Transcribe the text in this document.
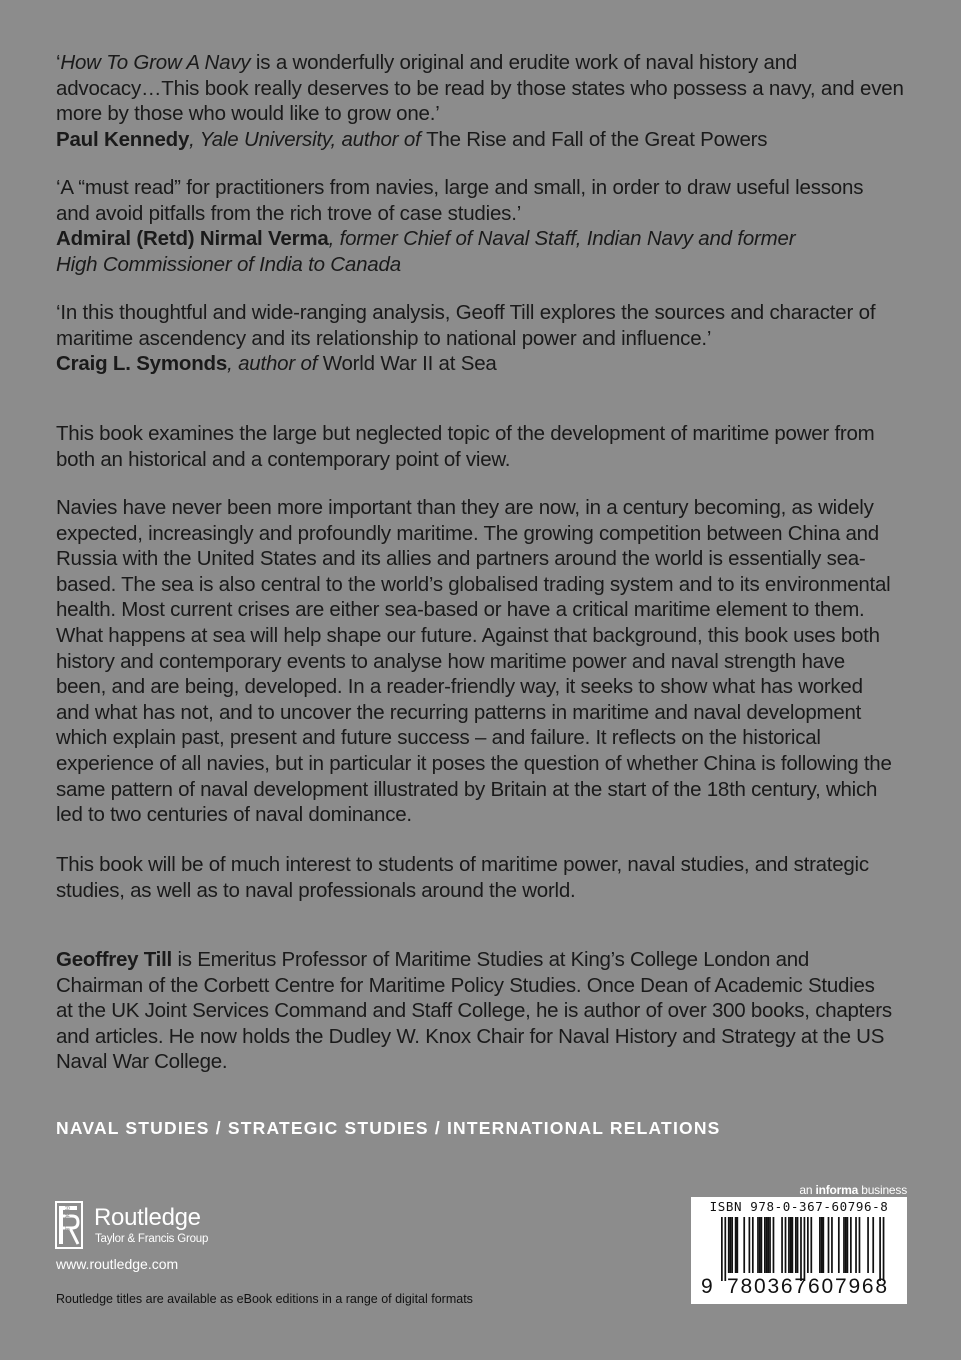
‘How To Grow A Navy is a wonderfully original and erudite work of naval history and
advocacy…This book really deserves to be read by those states who possess a navy, and even
more by those who would like to grow one.’
Paul Kennedy, Yale University, author of The Rise and Fall of the Great Powers
‘A “must read” for practitioners from navies, large and small, in order to draw useful lessons
and avoid pitfalls from the rich trove of case studies.’
Admiral (Retd) Nirmal Verma, former Chief of Naval Staff, Indian Navy and former
High Commissioner of India to Canada
‘In this thoughtful and wide-ranging analysis, Geoff Till explores the sources and character of
maritime ascendency and its relationship to national power and influence.’
Craig L. Symonds, author of World War II at Sea
This book examines the large but neglected topic of the development of maritime power from
both an historical and a contemporary point of view.
Navies have never been more important than they are now, in a century becoming, as widely
expected, increasingly and profoundly maritime. The growing competition between China and
Russia with the United States and its allies and partners around the world is essentially sea-
based. The sea is also central to the world’s globalised trading system and to its environmental
health. Most current crises are either sea-based or have a critical maritime element to them.
What happens at sea will help shape our future. Against that background, this book uses both
history and contemporary events to analyse how maritime power and naval strength have
been, and are being, developed. In a reader-friendly way, it seeks to show what has worked
and what has not, and to uncover the recurring patterns in maritime and naval development
which explain past, present and future success – and failure. It reflects on the historical
experience of all navies, but in particular it poses the question of whether China is following the
same pattern of naval development illustrated by Britain at the start of the 18th century, which
led to two centuries of naval dominance.
This book will be of much interest to students of maritime power, naval studies, and strategic
studies, as well as to naval professionals around the world.

Geoffrey Till is Emeritus Professor of Maritime Studies at King’s College London and

Chairman of the Corbett Centre for Maritime Policy Studies. Once Dean of Academic Studies
at the UK Joint Services Command and Staff College, he is author of over 300 books, chapters
and articles. He now holds the Dudley W. Knox Chair for Naval History and Strategy at the US
Naval War College.
NAVAL STUDIES / STRATEGIC STUDIES / INTERNATIONAL RELATIONS
ROUTLEDGE Routledge
Taylor & Francis Group
www.routledge.com
Routledge titles are available as eBook editions in a range of digital formats
an informa business
ISBN 978-0-367-60796-8
9 780367 607968
